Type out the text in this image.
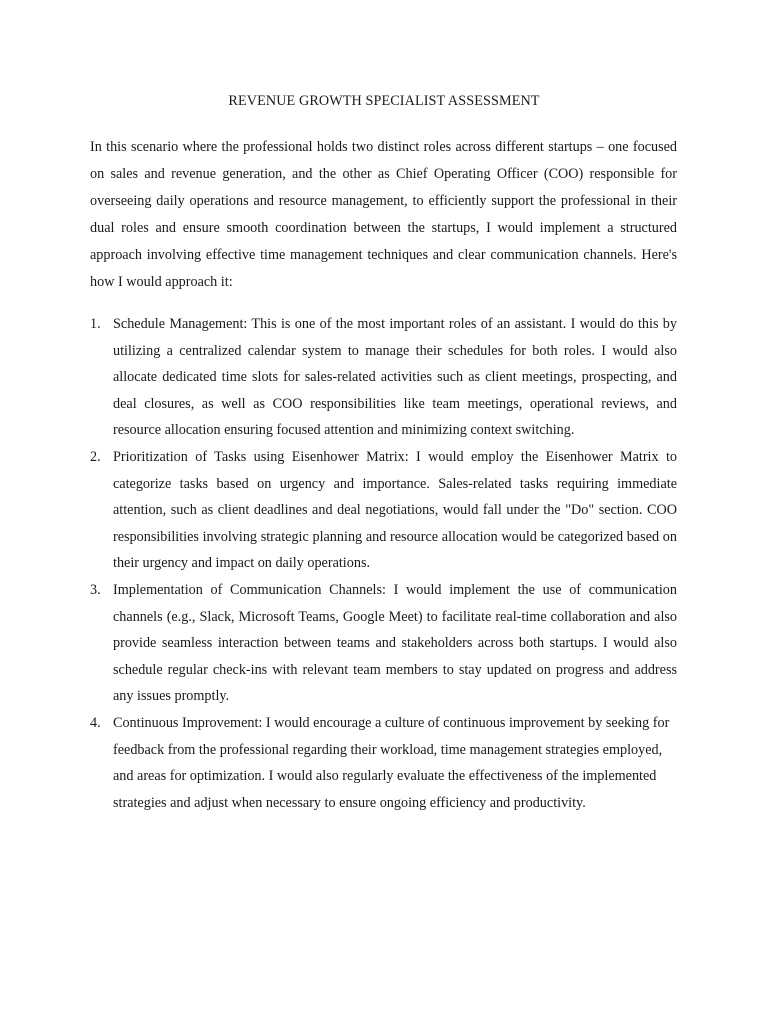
REVENUE GROWTH SPECIALIST ASSESSMENT

In this scenario where the professional holds two distinct roles across different startups – one focused on sales and revenue generation, and the other as Chief Operating Officer (COO) responsible for overseeing daily operations and resource management, to efficiently support the professional in their dual roles and ensure smooth coordination between the startups, I would implement a structured approach involving effective time management techniques and clear communication channels. Here's how I would approach it:

1. Schedule Management: This is one of the most important roles of an assistant. I would do this by utilizing a centralized calendar system to manage their schedules for both roles. I would also allocate dedicated time slots for sales-related activities such as client meetings, prospecting, and deal closures, as well as COO responsibilities like team meetings, operational reviews, and resource allocation ensuring focused attention and minimizing context switching.
2. Prioritization of Tasks using Eisenhower Matrix: I would employ the Eisenhower Matrix to categorize tasks based on urgency and importance. Sales-related tasks requiring immediate attention, such as client deadlines and deal negotiations, would fall under the "Do" section. COO responsibilities involving strategic planning and resource allocation would be categorized based on their urgency and impact on daily operations.
3. Implementation of Communication Channels: I would implement the use of communication channels (e.g., Slack, Microsoft Teams, Google Meet) to facilitate real-time collaboration and also provide seamless interaction between teams and stakeholders across both startups. I would also schedule regular check-ins with relevant team members to stay updated on progress and address any issues promptly.
4. Continuous Improvement: I would encourage a culture of continuous improvement by seeking for feedback from the professional regarding their workload, time management strategies employed, and areas for optimization. I would also regularly evaluate the effectiveness of the implemented strategies and adjust when necessary to ensure ongoing efficiency and productivity.
